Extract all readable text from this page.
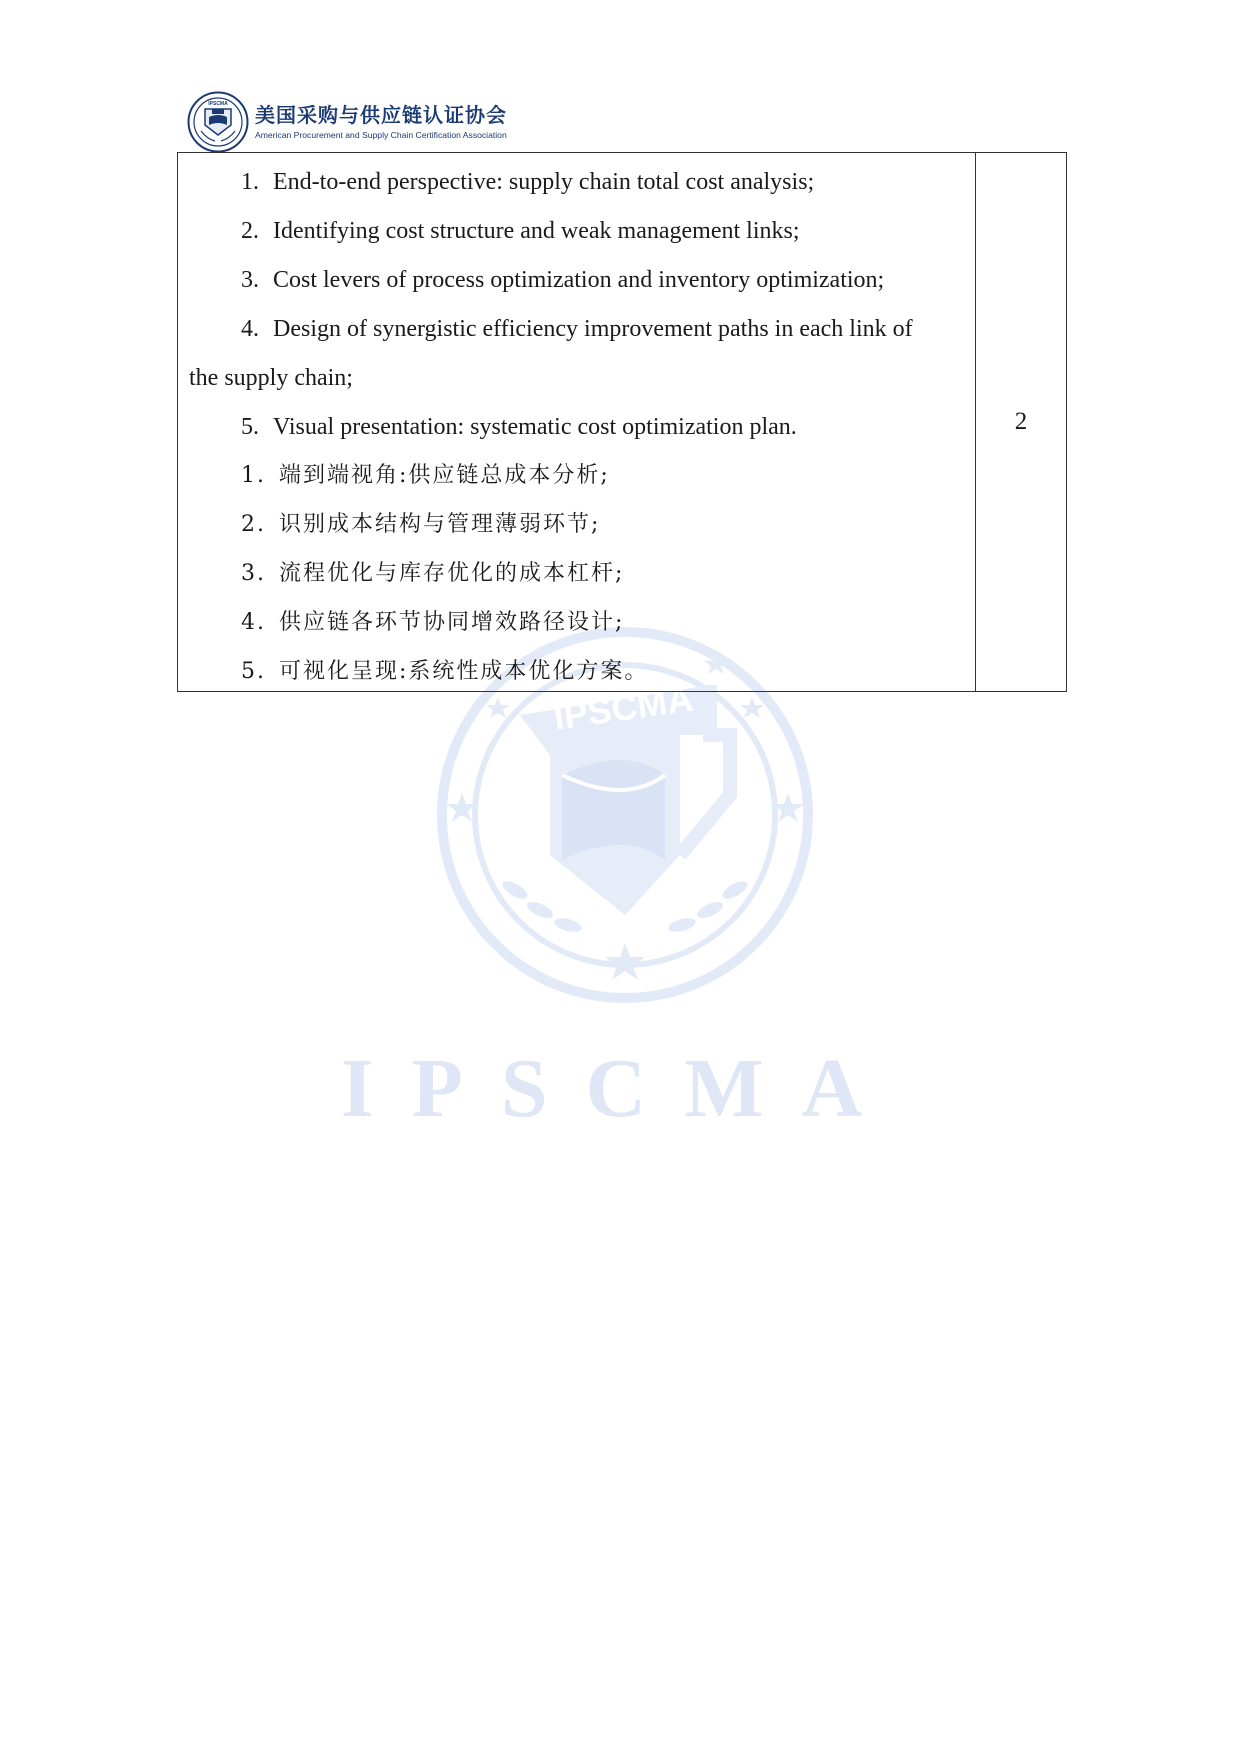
IPSCMA 美国采购与供应链认证协会
American Procurement and Supply Chain Certification Association
IPSCMA
IPSCMA
1. End-to-end perspective: supply chain total cost analysis;
2. Identifying cost structure and weak management links;
3. Cost levers of process optimization and inventory optimization;
4. Design of synergistic efficiency improvement paths in each link of
the supply chain;
5. Visual presentation: systematic cost optimization plan.
1. 端到端视角:供应链总成本分析;
2. 识别成本结构与管理薄弱环节;
3. 流程优化与库存优化的成本杠杆;
4. 供应链各环节协同增效路径设计;
5. 可视化呈现:系统性成本优化方案。
2
